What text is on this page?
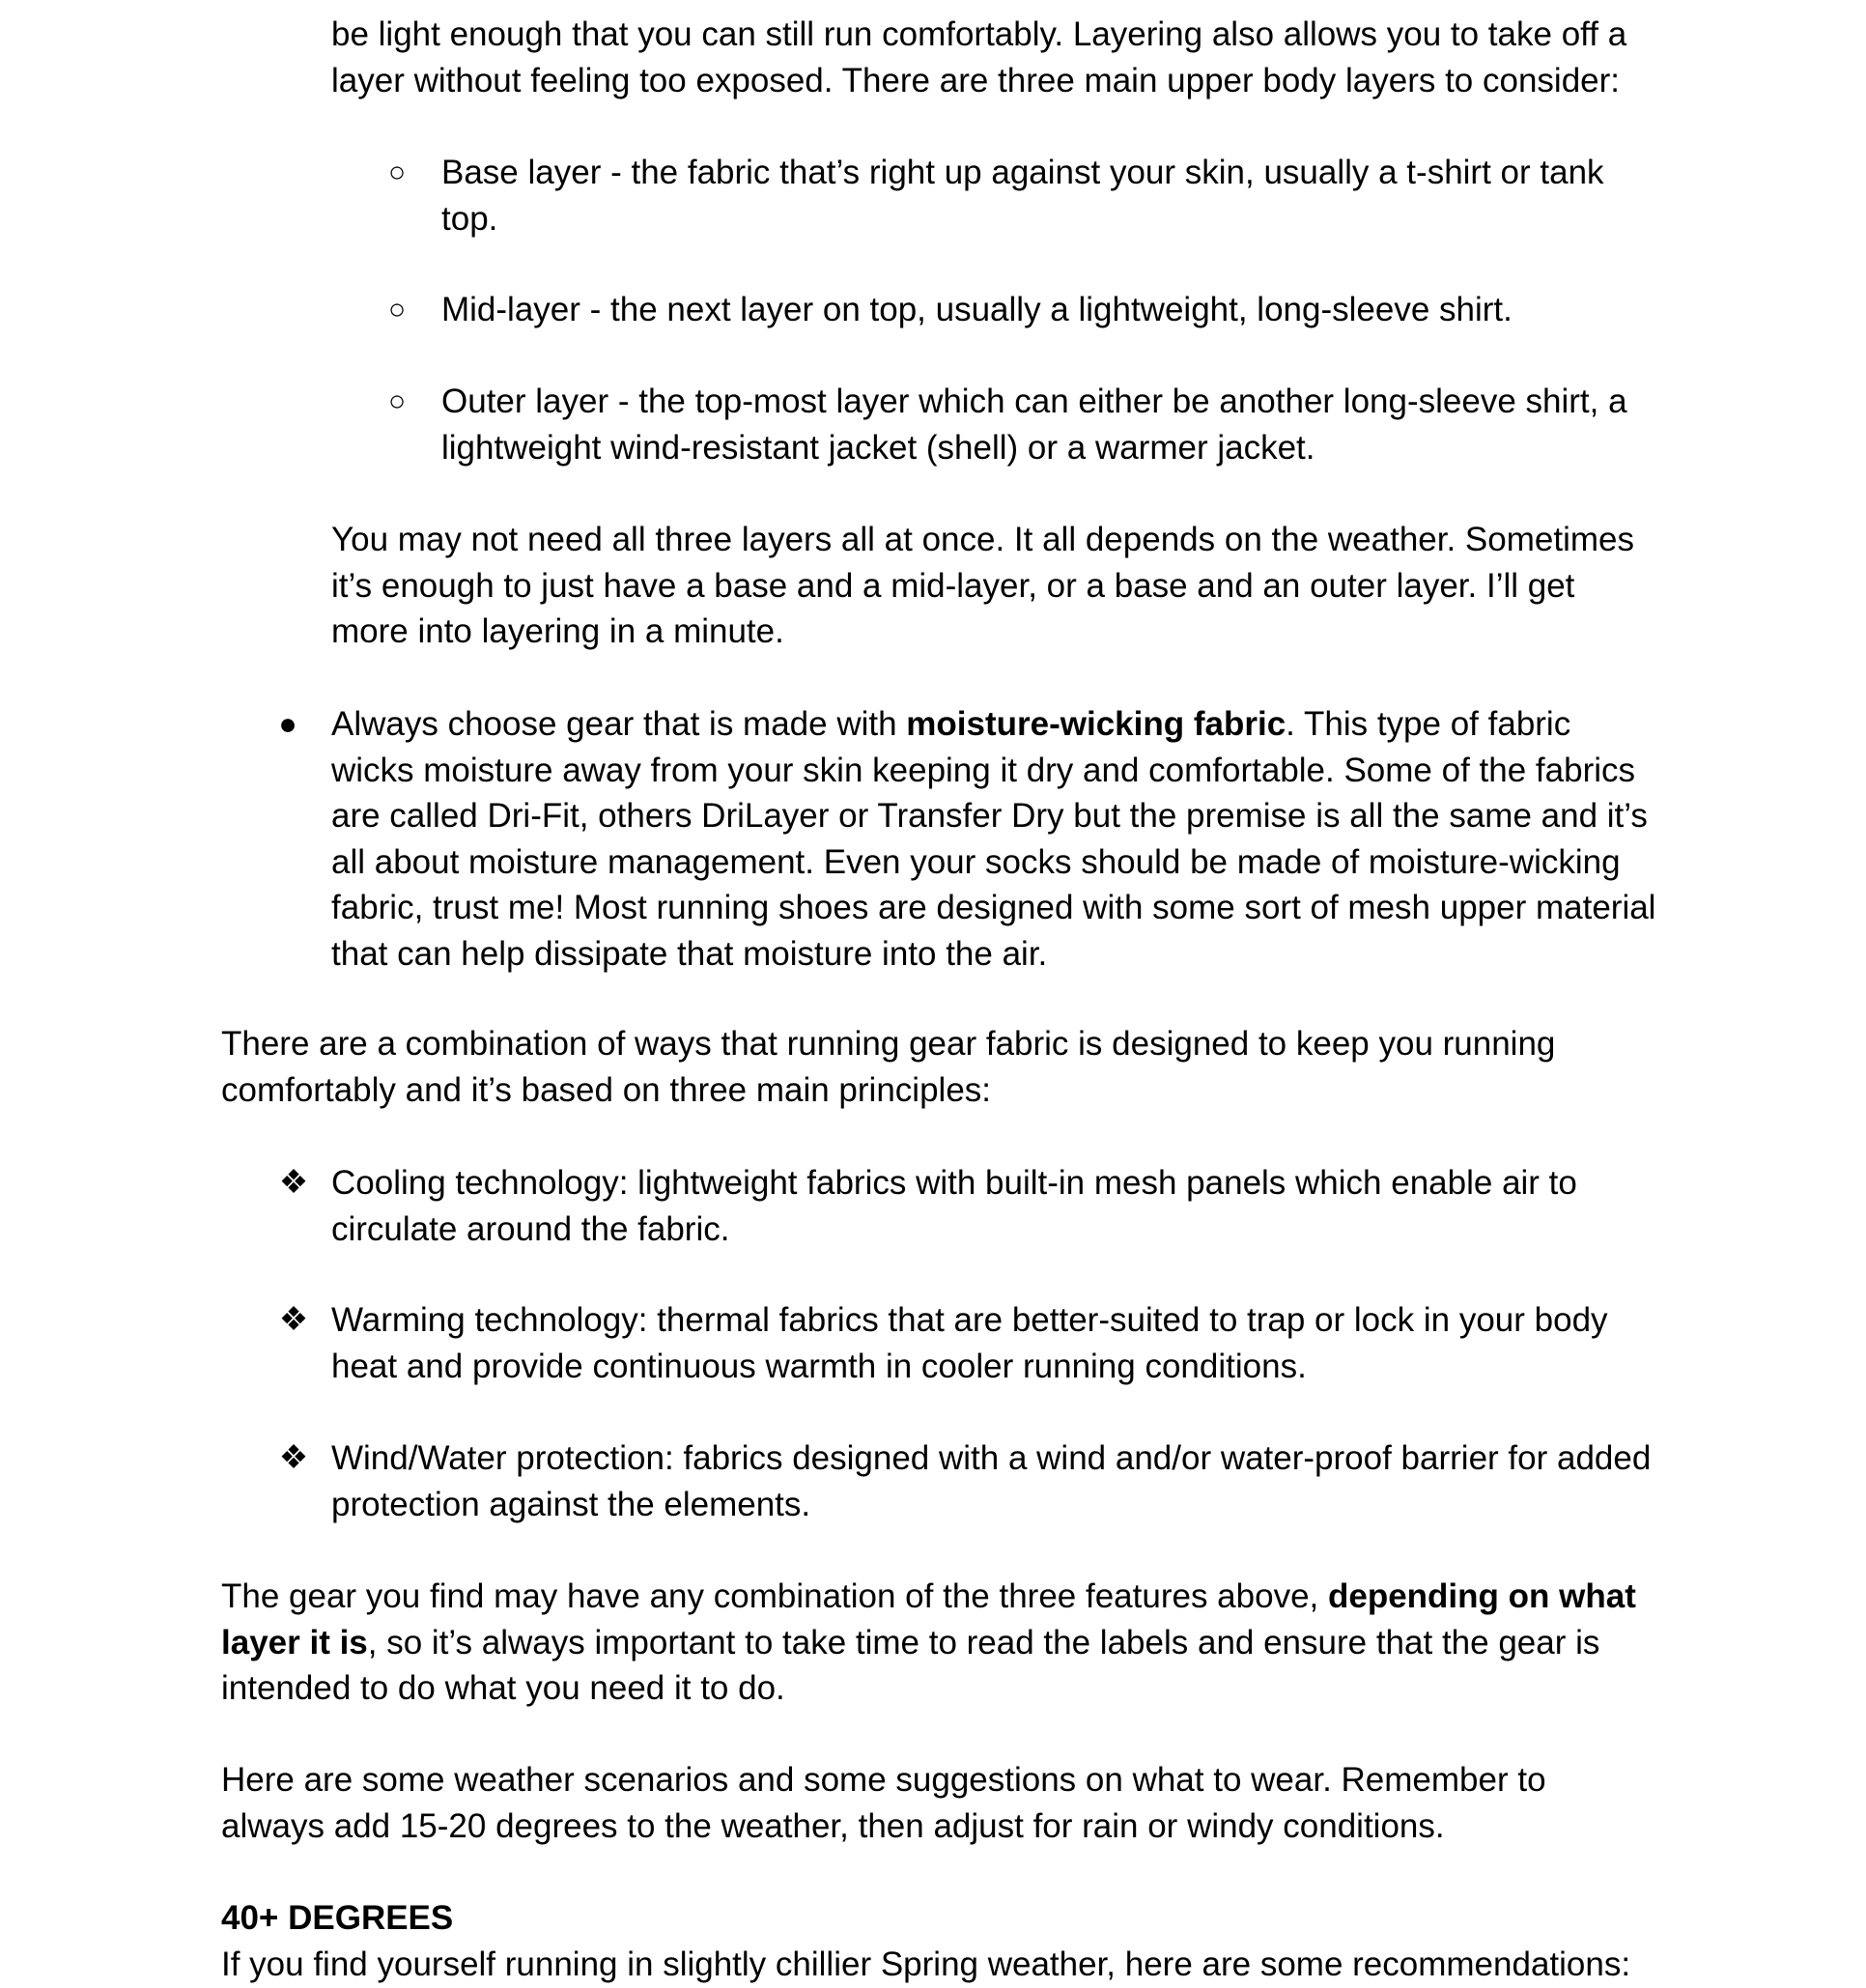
be light enough that you can still run comfortably. Layering also allows you to take off a
layer without feeling too exposed. There are three main upper body layers to consider:

○	Base layer - the fabric that’s right up against your skin, usually a t-shirt or tank
top.

○	Mid-layer - the next layer on top, usually a lightweight, long-sleeve shirt.

○	Outer layer - the top-most layer which can either be another long-sleeve shirt, a
lightweight wind-resistant jacket (shell) or a warmer jacket.

You may not need all three layers all at once. It all depends on the weather. Sometimes
it’s enough to just have a base and a mid-layer, or a base and an outer layer. I’ll get
more into layering in a minute.

● Always choose gear that is made with moisture-wicking fabric. This type of fabric
wicks moisture away from your skin keeping it dry and comfortable. Some of the fabrics
are called Dri-Fit, others DriLayer or Transfer Dry but the premise is all the same and it’s
all about moisture management. Even your socks should be made of moisture-wicking
fabric, trust me! Most running shoes are designed with some sort of mesh upper material
that can help dissipate that moisture into the air.

There are a combination of ways that running gear fabric is designed to keep you running
comfortably and it’s based on three main principles:

❖ Cooling technology: lightweight fabrics with built-in mesh panels which enable air to
circulate around the fabric.

❖ Warming technology: thermal fabrics that are better-suited to trap or lock in your body
heat and provide continuous warmth in cooler running conditions.

❖ Wind/Water protection: fabrics designed with a wind and/or water-proof barrier for added
protection against the elements.

The gear you find may have any combination of the three features above, depending on what
layer it is, so it’s always important to take time to read the labels and ensure that the gear is
intended to do what you need it to do.

Here are some weather scenarios and some suggestions on what to wear. Remember to
always add 15-20 degrees to the weather, then adjust for rain or windy conditions.

40+ DEGREES

If you find yourself running in slightly chillier Spring weather, here are some recommendations:
